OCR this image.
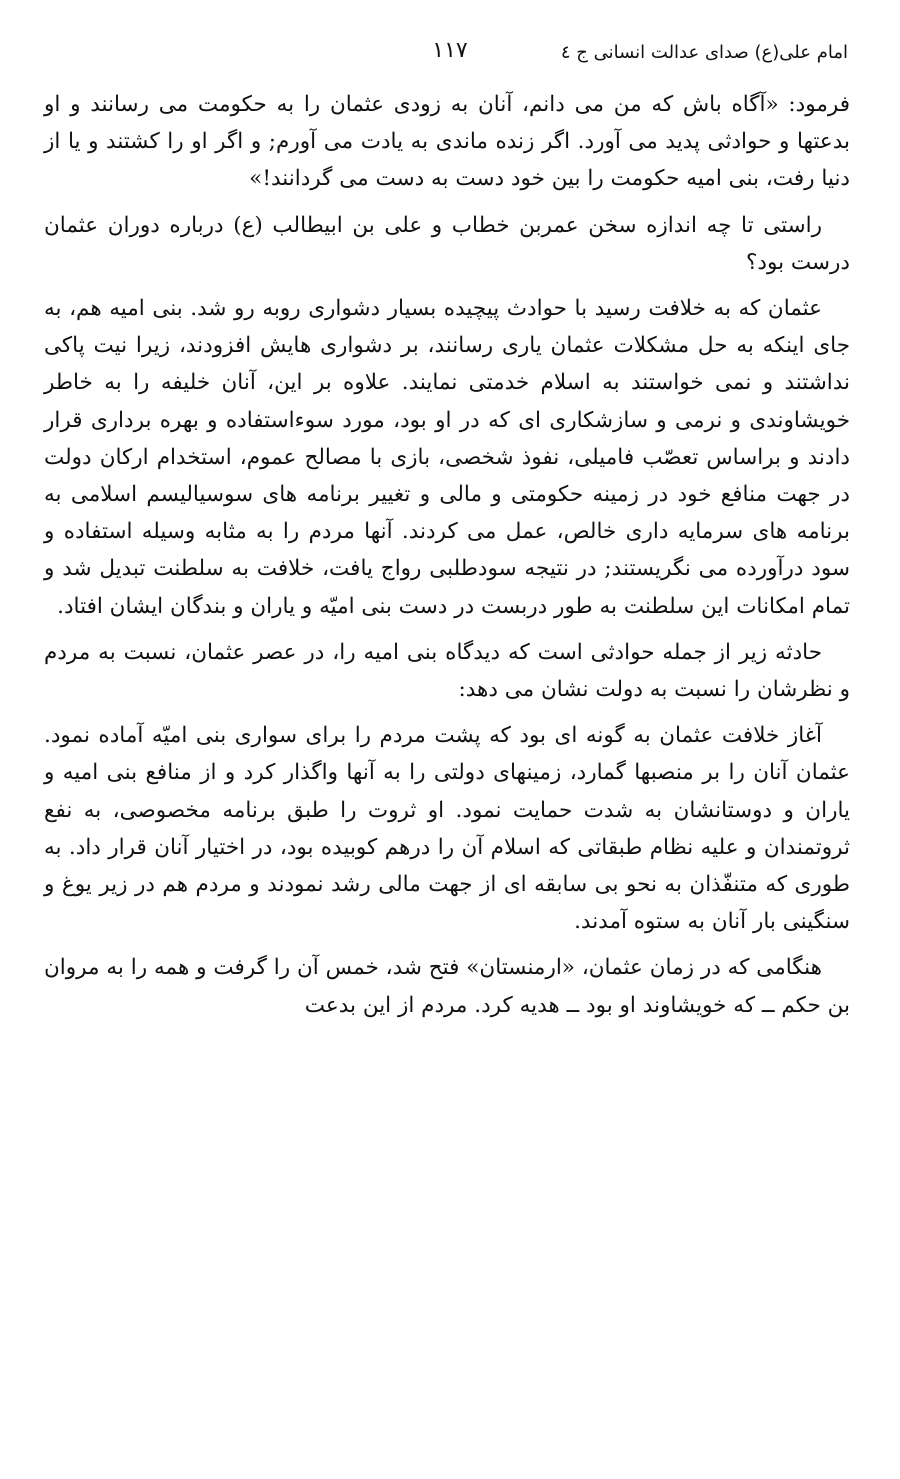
امام علی(ع) صدای عدالت انسانی ج ٤
١١٧

فرمود: «آگاه باش که من می دانم، آنان به زودی عثمان را به حکومت می رسانند و او بدعتها و حوادثی پدید می آورد. اگر زنده ماندی به یادت می آورم; و اگر او را کشتند و یا از دنیا رفت، بنی امیه حکومت را بین خود دست به دست می گردانند!»

راستی تا چه اندازه سخن عمربن خطاب و علی بن ابیطالب (ع) درباره دوران عثمان درست بود؟

عثمان که به خلافت رسید با حوادث پیچیده بسیار دشواری روبه رو شد. بنی امیه هم، به جای اینکه به حل مشکلات عثمان یاری رسانند، بر دشواری هایش افزودند، زیرا نیت پاکی نداشتند و نمی خواستند به اسلام خدمتی نمایند. علاوه بر این، آنان خلیفه را به خاطر خویشاوندی و نرمی و سازشکاری ای که در او بود، مورد سوءاستفاده و بهره برداری قرار دادند و براساس تعصّب فامیلی، نفوذ شخصی، بازی با مصالح عموم، استخدام ارکان دولت در جهت منافع خود در زمینه حکومتی و مالی و تغییر برنامه های سوسیالیسم اسلامی به برنامه های سرمایه داری خالص، عمل می کردند. آنها مردم را به مثابه وسیله استفاده و سود درآورده می نگریستند; در نتیجه سودطلبی رواج یافت، خلافت به سلطنت تبدیل شد و تمام امکانات این سلطنت به طور دربست در دست بنی امیّه و یاران و بندگان ایشان افتاد.

حادثه زیر از جمله حوادثی است که دیدگاه بنی امیه را، در عصر عثمان، نسبت به مردم و نظرشان را نسبت به دولت نشان می دهد:

آغاز خلافت عثمان به گونه ای بود که پشت مردم را برای سواری بنی امیّه آماده نمود. عثمان آنان را بر منصبها گمارد، زمینهای دولتی را به آنها واگذار کرد و از منافع بنی امیه و یاران و دوستانشان به شدت حمایت نمود. او ثروت را طبق برنامه مخصوصی، به نفع ثروتمندان و علیه نظام طبقاتی که اسلام آن را درهم کوبیده بود، در اختیار آنان قرار داد. به طوری که متنفّذان به نحو بی سابقه ای از جهت مالی رشد نمودند و مردم هم در زیر یوغ و سنگینی بار آنان به ستوه آمدند.

هنگامی که در زمان عثمان، «ارمنستان» فتح شد، خمس آن را گرفت و همه را به مروان بن حکم ــ که خویشاوند او بود ــ هدیه کرد. مردم از این بدعت
